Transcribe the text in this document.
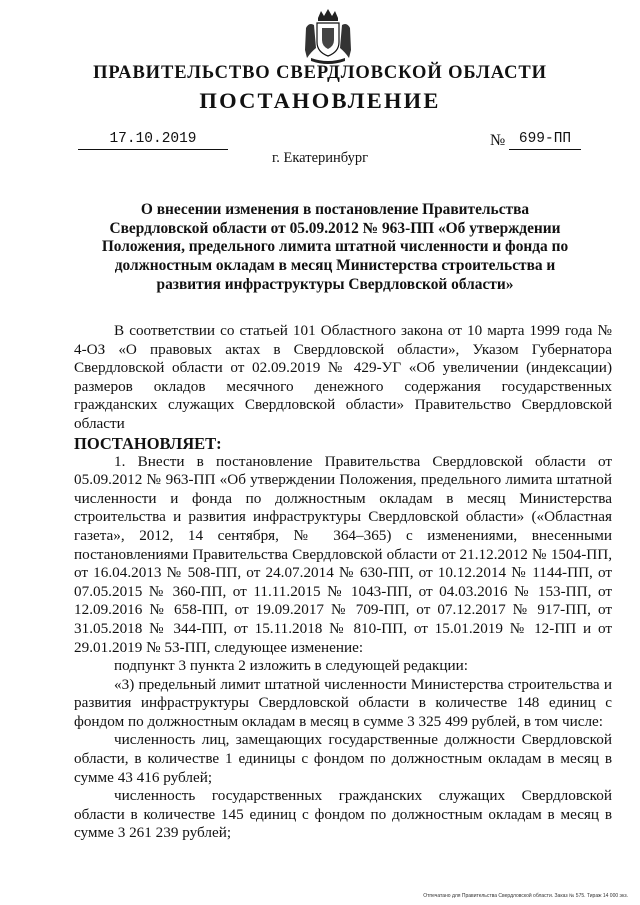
ПРАВИТЕЛЬСТВО СВЕРДЛОВСКОЙ ОБЛАСТИ
ПОСТАНОВЛЕНИЕ
17.10.2019	№ 699-ПП
г. Екатеринбург
О внесении изменения в постановление Правительства Свердловской области от 05.09.2012 № 963-ПП «Об утверждении Положения, предельного лимита штатной численности и фонда по должностным окладам в месяц Министерства строительства и развития инфраструктуры Свердловской области»

В соответствии со статьей 101 Областного закона от 10 марта 1999 года № 4-ОЗ «О правовых актах в Свердловской области», Указом Губернатора Свердловской области от 02.09.2019 № 429-УГ «Об увеличении (индексации) размеров окладов месячного денежного содержания государственных гражданских служащих Свердловской области» Правительство Свердловской области

ПОСТАНОВЛЯЕТ:

1. Внести в постановление Правительства Свердловской области от 05.09.2012 № 963-ПП «Об утверждении Положения, предельного лимита штатной численности и фонда по должностным окладам в месяц Министерства строительства и развития инфраструктуры Свердловской области» («Областная газета», 2012, 14 сентября, № 364–365) с изменениями, внесенными постановлениями Правительства Свердловской области от 21.12.2012 № 1504-ПП, от 16.04.2013 № 508-ПП, от 24.07.2014 № 630-ПП, от 10.12.2014 № 1144-ПП, от 07.05.2015 № 360-ПП, от 11.11.2015 № 1043-ПП, от 04.03.2016 № 153-ПП, от 12.09.2016 № 658-ПП, от 19.09.2017 № 709-ПП, от 07.12.2017 № 917-ПП, от 31.05.2018 № 344-ПП, от 15.11.2018 № 810-ПП, от 15.01.2019 № 12-ПП и от 29.01.2019 № 53-ПП, следующее изменение:

подпункт 3 пункта 2 изложить в следующей редакции:

«3) предельный лимит штатной численности Министерства строительства и развития инфраструктуры Свердловской области в количестве 148 единиц с фондом по должностным окладам в месяц в сумме 3 325 499 рублей, в том числе:

численность лиц, замещающих государственные должности Свердловской области, в количестве 1 единицы с фондом по должностным окладам в месяц в сумме 43 416 рублей;

численность государственных гражданских служащих Свердловской области в количестве 145 единиц с фондом по должностным окладам в месяц в сумме 3 261 239 рублей;

Отпечатано для Правительства Свердловской области. Заказ № 575. Тираж 14 000 экз.
